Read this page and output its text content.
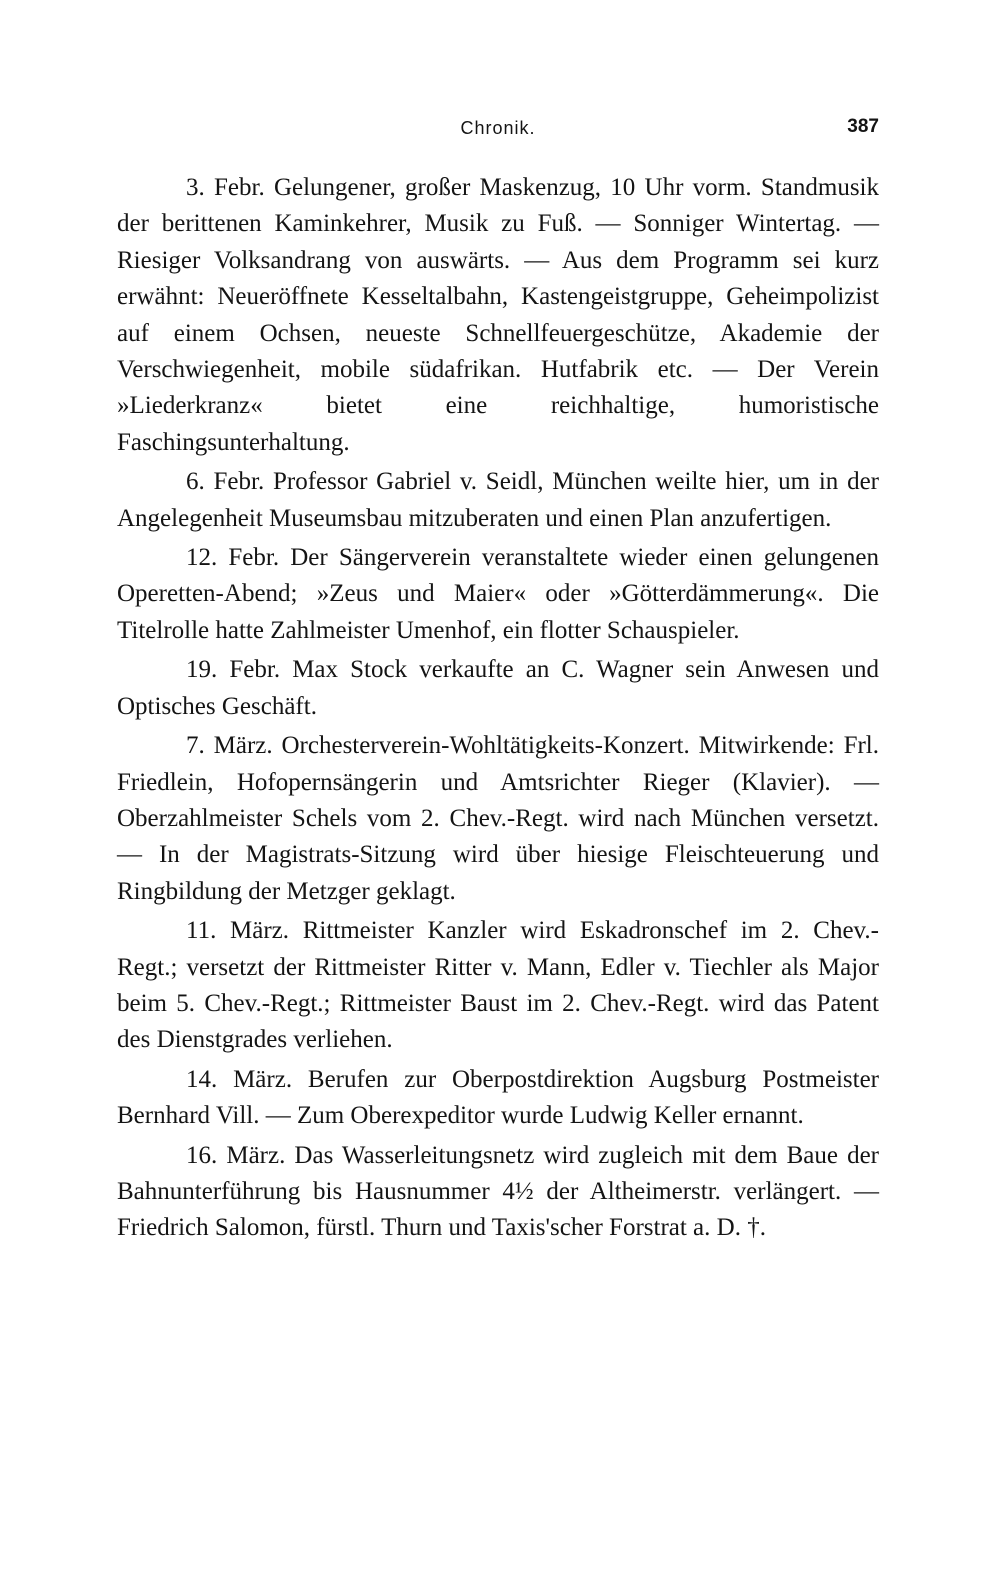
Chronik.	387

3. Febr. Gelungener, großer Maskenzug, 10 Uhr vorm. Standmusik der berittenen Kaminkehrer, Musik zu Fuß. — Sonniger Wintertag. — Riesiger Volksandrang von auswärts. — Aus dem Programm sei kurz erwähnt: Neueröffnete Kesseltalbahn, Kastengeistgruppe, Geheimpolizist auf einem Ochsen, neueste Schnellfeuergeschütze, Akademie der Verschwiegenheit, mobile südafrikan. Hutfabrik etc. — Der Verein »Liederkranz« bietet eine reichhaltige, humoristische Faschingsunterhaltung.

6. Febr. Professor Gabriel v. Seidl, München weilte hier, um in der Angelegenheit Museumsbau mitzuberaten und einen Plan anzufertigen.

12. Febr. Der Sängerverein veranstaltete wieder einen gelungenen Operetten-Abend; »Zeus und Maier« oder »Götterdämmerung«. Die Titelrolle hatte Zahlmeister Umenhof, ein flotter Schauspieler.

19. Febr. Max Stock verkaufte an C. Wagner sein Anwesen und Optisches Geschäft.

7. März. Orchesterverein-Wohltätigkeits-Konzert. Mitwirkende: Frl. Friedlein, Hofopernsängerin und Amtsrichter Rieger (Klavier). — Oberzahlmeister Schels vom 2. Chev.-Regt. wird nach München versetzt. — In der Magistrats-Sitzung wird über hiesige Fleischteuerung und Ringbildung der Metzger geklagt.

11. März. Rittmeister Kanzler wird Eskadronschef im 2. Chev.-Regt.; versetzt der Rittmeister Ritter v. Mann, Edler v. Tiechler als Major beim 5. Chev.-Regt.; Rittmeister Baust im 2. Chev.-Regt. wird das Patent des Dienstgrades verliehen.

14. März. Berufen zur Oberpostdirektion Augsburg Postmeister Bernhard Vill. — Zum Oberexpeditor wurde Ludwig Keller ernannt.

16. März. Das Wasserleitungsnetz wird zugleich mit dem Baue der Bahnunterführung bis Hausnummer 4½ der Altheimerstr. verlängert. — Friedrich Salomon, fürstl. Thurn und Taxis'scher Forstrat a. D. †.
